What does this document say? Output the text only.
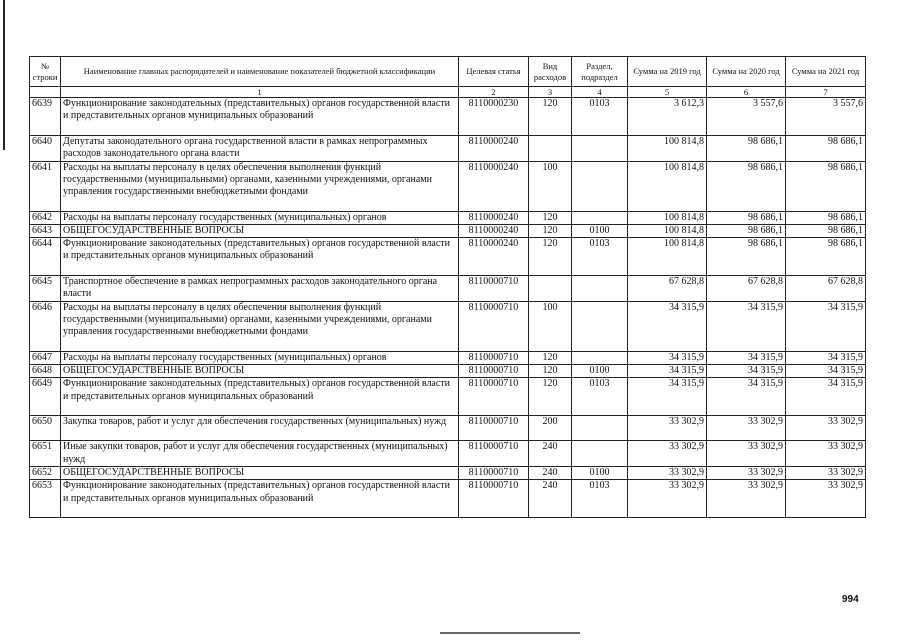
№ строки	Наименование главных распорядителей и наименование показателей бюджетной классификации	Целевая статья	Вид расходов	Раздел, подраздел	Сумма на 2019 год	Сумма на 2020 год	Сумма на 2021 год
	1	2	3	4	5	6	7
6639	Функционирование законодательных (представительных) органов государственной власти и представительных органов муниципальных образований	8110000230	120	0103	3 612,3	3 557,6	3 557,6
6640	Депутаты законодательного органа государственной власти в рамках непрограммных расходов законодательного органа власти	8110000240			100 814,8	98 686,1	98 686,1
6641	Расходы на выплаты персоналу в целях обеспечения выполнения функций государственными (муниципальными) органами, казенными учреждениями, органами управления государственными внебюджетными фондами	8110000240	100		100 814,8	98 686,1	98 686,1
6642	Расходы на выплаты персоналу государственных (муниципальных) органов	8110000240	120		100 814,8	98 686,1	98 686,1
6643	ОБЩЕГОСУДАРСТВЕННЫЕ ВОПРОСЫ	8110000240	120	0100	100 814,8	98 686,1	98 686,1
6644	Функционирование законодательных (представительных) органов государственной власти и представительных органов муниципальных образований	8110000240	120	0103	100 814,8	98 686,1	98 686,1
6645	Транспортное обеспечение в рамках непрограммных расходов законодательного органа власти	8110000710			67 628,8	67 628,8	67 628,8
6646	Расходы на выплаты персоналу в целях обеспечения выполнения функций государственными (муниципальными) органами, казенными учреждениями, органами управления государственными внебюджетными фондами	8110000710	100		34 315,9	34 315,9	34 315,9
6647	Расходы на выплаты персоналу государственных (муниципальных) органов	8110000710	120		34 315,9	34 315,9	34 315,9
6648	ОБЩЕГОСУДАРСТВЕННЫЕ ВОПРОСЫ	8110000710	120	0100	34 315,9	34 315,9	34 315,9
6649	Функционирование законодательных (представительных) органов государственной власти и представительных органов муниципальных образований	8110000710	120	0103	34 315,9	34 315,9	34 315,9
6650	Закупка товаров, работ и услуг для обеспечения государственных (муниципальных) нужд	8110000710	200		33 302,9	33 302,9	33 302,9
6651	Иные закупки товаров, работ и услуг для обеспечения государственных (муниципальных) нужд	8110000710	240		33 302,9	33 302,9	33 302,9
6652	ОБЩЕГОСУДАРСТВЕННЫЕ ВОПРОСЫ	8110000710	240	0100	33 302,9	33 302,9	33 302,9
6653	Функционирование законодательных (представительных) органов государственной власти и представительных органов муниципальных образований	8110000710	240	0103	33 302,9	33 302,9	33 302,9
994
